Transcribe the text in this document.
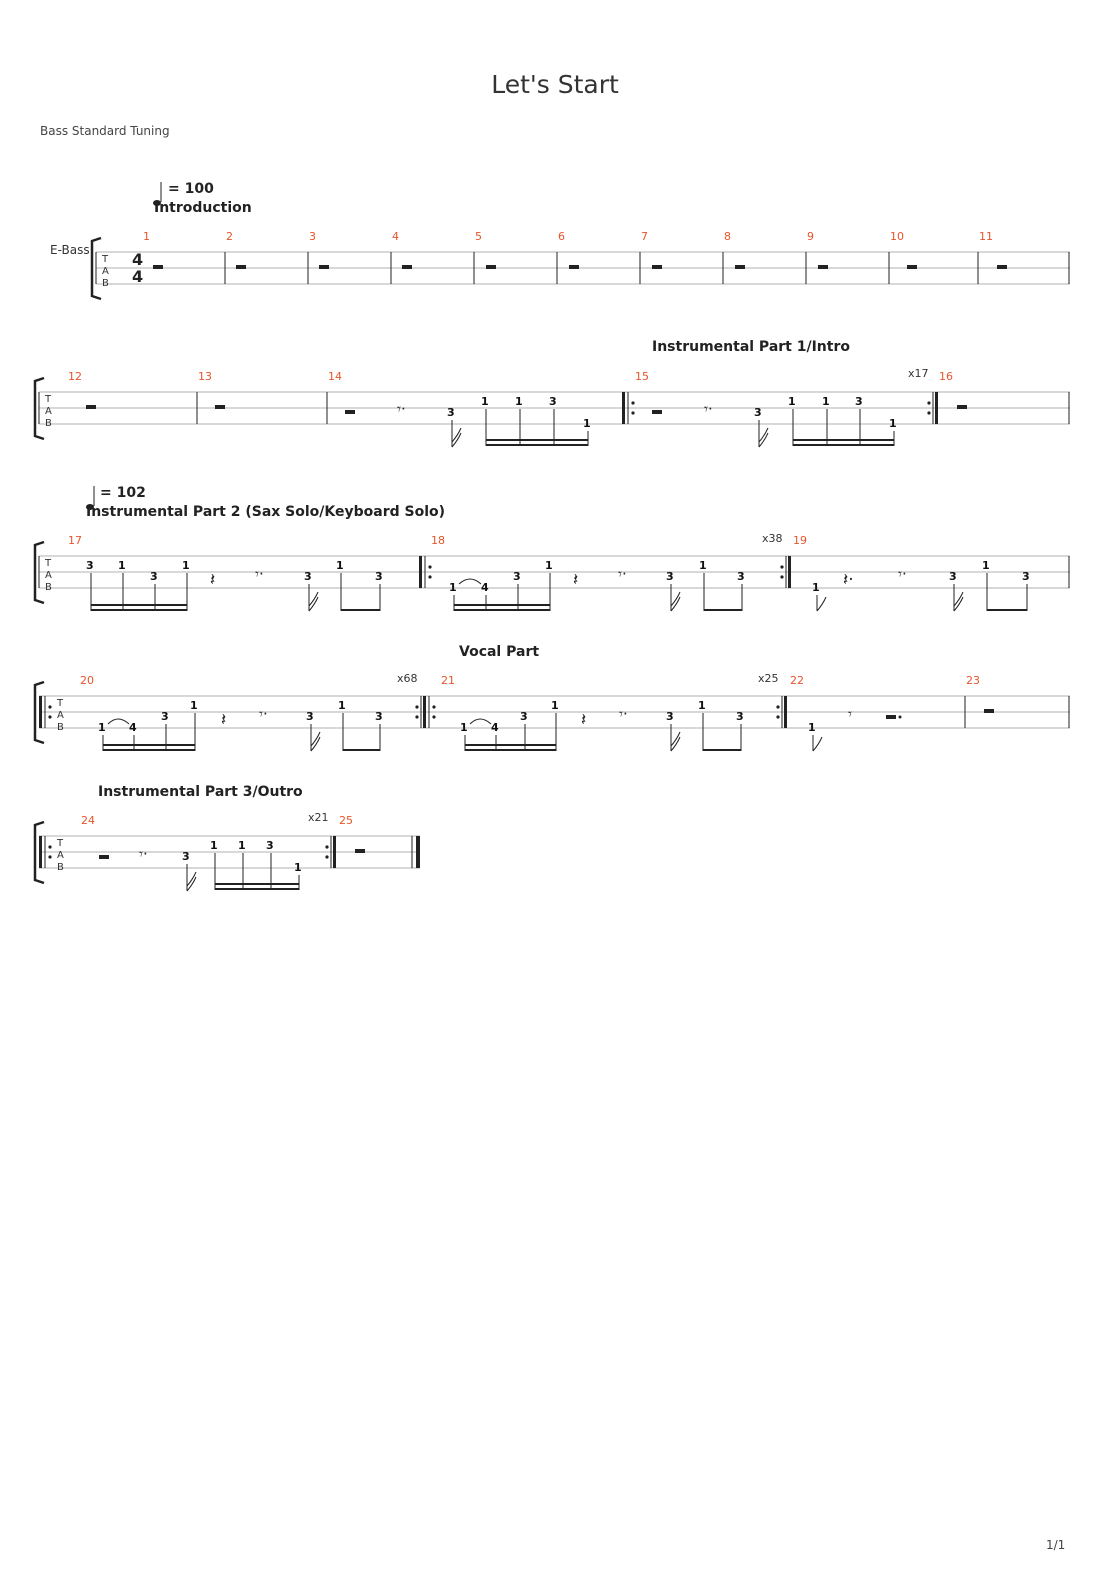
Let's Start
Bass Standard Tuning
1/1
E-Bass
T
A
B
4
4
= 100
Introduction
1	2	3	4	5	6	7	8	9	10	11
T
A
B
Instrumental Part 1/Intro
x17
12	13	14	15	16
𝄾·	𝄾·
3
1 1 3
1
3
1 1 3
1
T
A
B
= 102
Instrumental Part 2 (Sax Solo/Keyboard Solo)
x38
17	18	19
3 1
3
1
3
1
3
𝄽	𝄾·
1 4
3
1
3
1
3
𝄽	𝄾·
1
3
1
3
𝄽·	𝄾·
T
A
B
Vocal Part
x68	x25
20	21	22	23
1 4
3
1
3
1
3
𝄽 𝄾·
1 4
3
1
3
1
3
𝄽 𝄾·
1
𝄾
T
A
B
Instrumental Part 3/Outro
x21
24	25
𝄾·	3
1 1 3
1
